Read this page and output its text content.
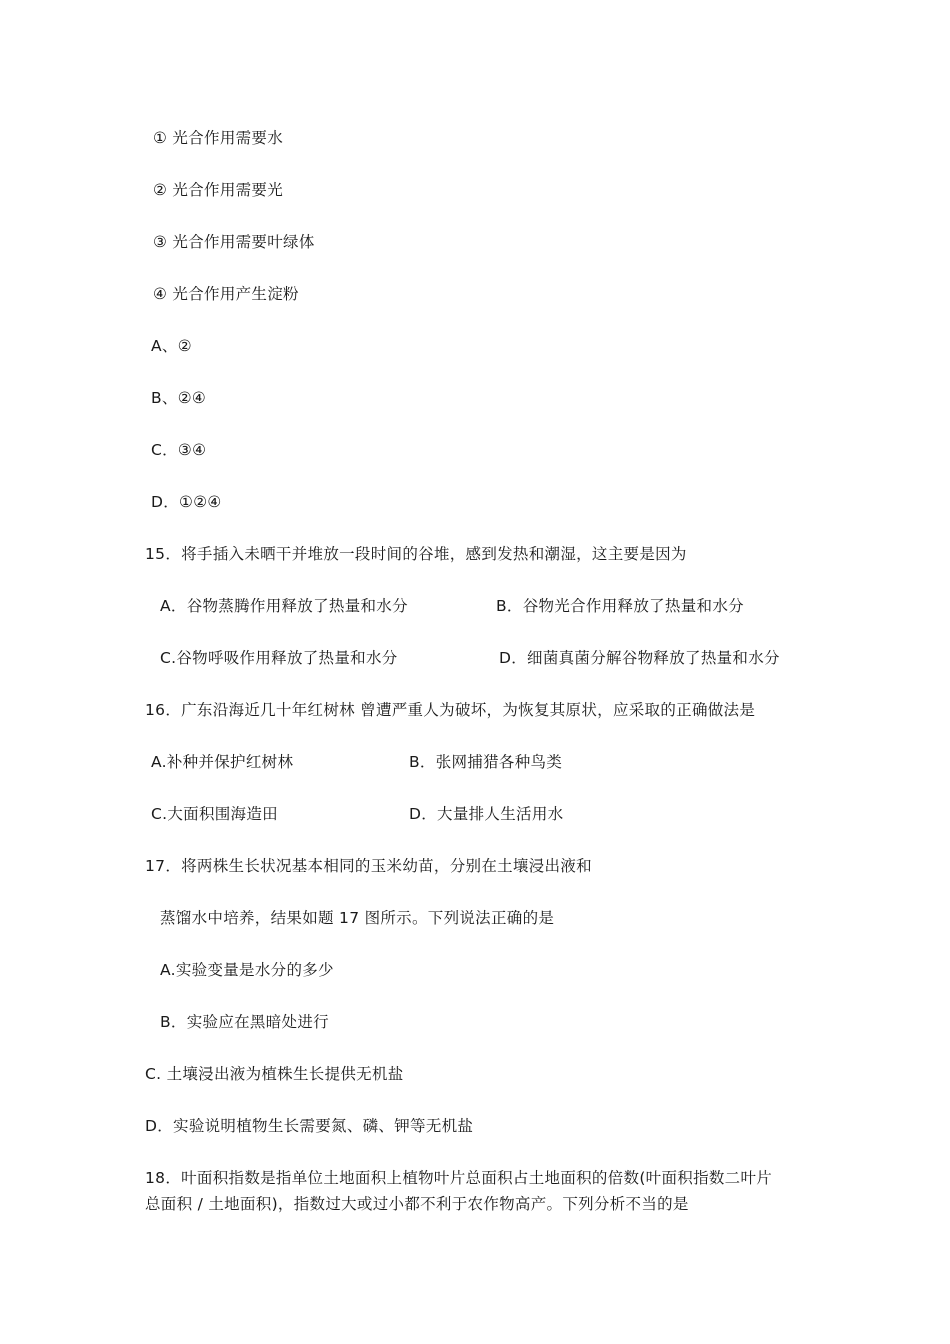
① 光合作用需要水
② 光合作用需要光
③ 光合作用需要叶绿体
④ 光合作用产生淀粉
A、②
B、②④
C．③④
D．①②④
15．将手插入未晒干并堆放一段时间的谷堆，感到发热和潮湿，这主要是因为
A．谷物蒸腾作用释放了热量和水分	B．谷物光合作用释放了热量和水分
C.谷物呼吸作用释放了热量和水分	D．细菌真菌分解谷物释放了热量和水分
16．广东沿海近几十年红树林 曾遭严重人为破坏，为恢复其原状，应采取的正确做法是
A.补种并保护红树林	B．张网捕猎各种鸟类
C.大面积围海造田	D．大量排人生活用水
17．将两株生长状况基本相同的玉米幼苗，分别在土壤浸出液和
蒸馏水中培养，结果如题 17 图所示。下列说法正确的是
A.实验变量是水分的多少
B．实验应在黑暗处进行
C. 土壤浸出液为植株生长提供无机盐
D．实验说明植物生长需要氮、磷、钾等无机盐
18．叶面积指数是指单位土地面积上植物叶片总面积占土地面积的倍数(叶面积指数二叶片
总面积 / 土地面积)，指数过大或过小都不利于农作物高产。下列分析不当的是
